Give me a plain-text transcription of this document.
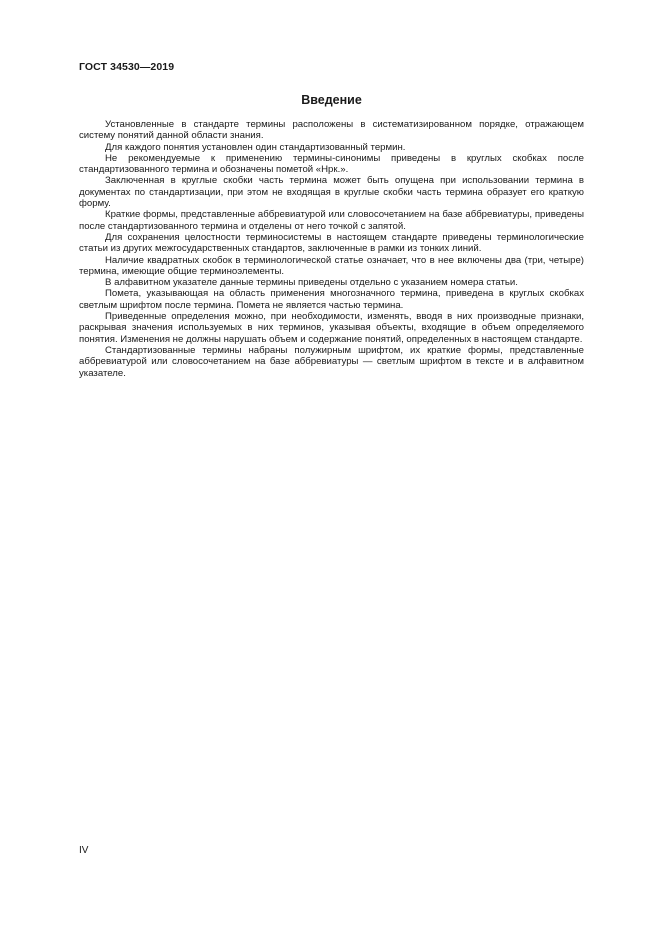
ГОСТ 34530—2019
Введение

Установленные в стандарте термины расположены в систематизированном порядке, отражающем систему понятий данной области знания.

Для каждого понятия установлен один стандартизованный термин.

Не рекомендуемые к применению термины-синонимы приведены в круглых скобках после стандартизованного термина и обозначены пометой «Нрк.».

Заключенная в круглые скобки часть термина может быть опущена при использовании термина в документах по стандартизации, при этом не входящая в круглые скобки часть термина образует его краткую форму.

Краткие формы, представленные аббревиатурой или словосочетанием на базе аббревиатуры, приведены после стандартизованного термина и отделены от него точкой с запятой.

Для сохранения целостности терминосистемы в настоящем стандарте приведены терминологические статьи из других межгосударственных стандартов, заключенные в рамки из тонких линий.

Наличие квадратных скобок в терминологической статье означает, что в нее включены два (три, четыре) термина, имеющие общие терминоэлементы.

В алфавитном указателе данные термины приведены отдельно с указанием номера статьи.

Помета, указывающая на область применения многозначного термина, приведена в круглых скобках светлым шрифтом после термина. Помета не является частью термина.

Приведенные определения можно, при необходимости, изменять, вводя в них производные признаки, раскрывая значения используемых в них терминов, указывая объекты, входящие в объем определяемого понятия. Изменения не должны нарушать объем и содержание понятий, определенных в настоящем стандарте.

Стандартизованные термины набраны полужирным шрифтом, их краткие формы, представленные аббревиатурой или словосочетанием на базе аббревиатуры — светлым шрифтом в тексте и в алфавитном указателе.

IV
